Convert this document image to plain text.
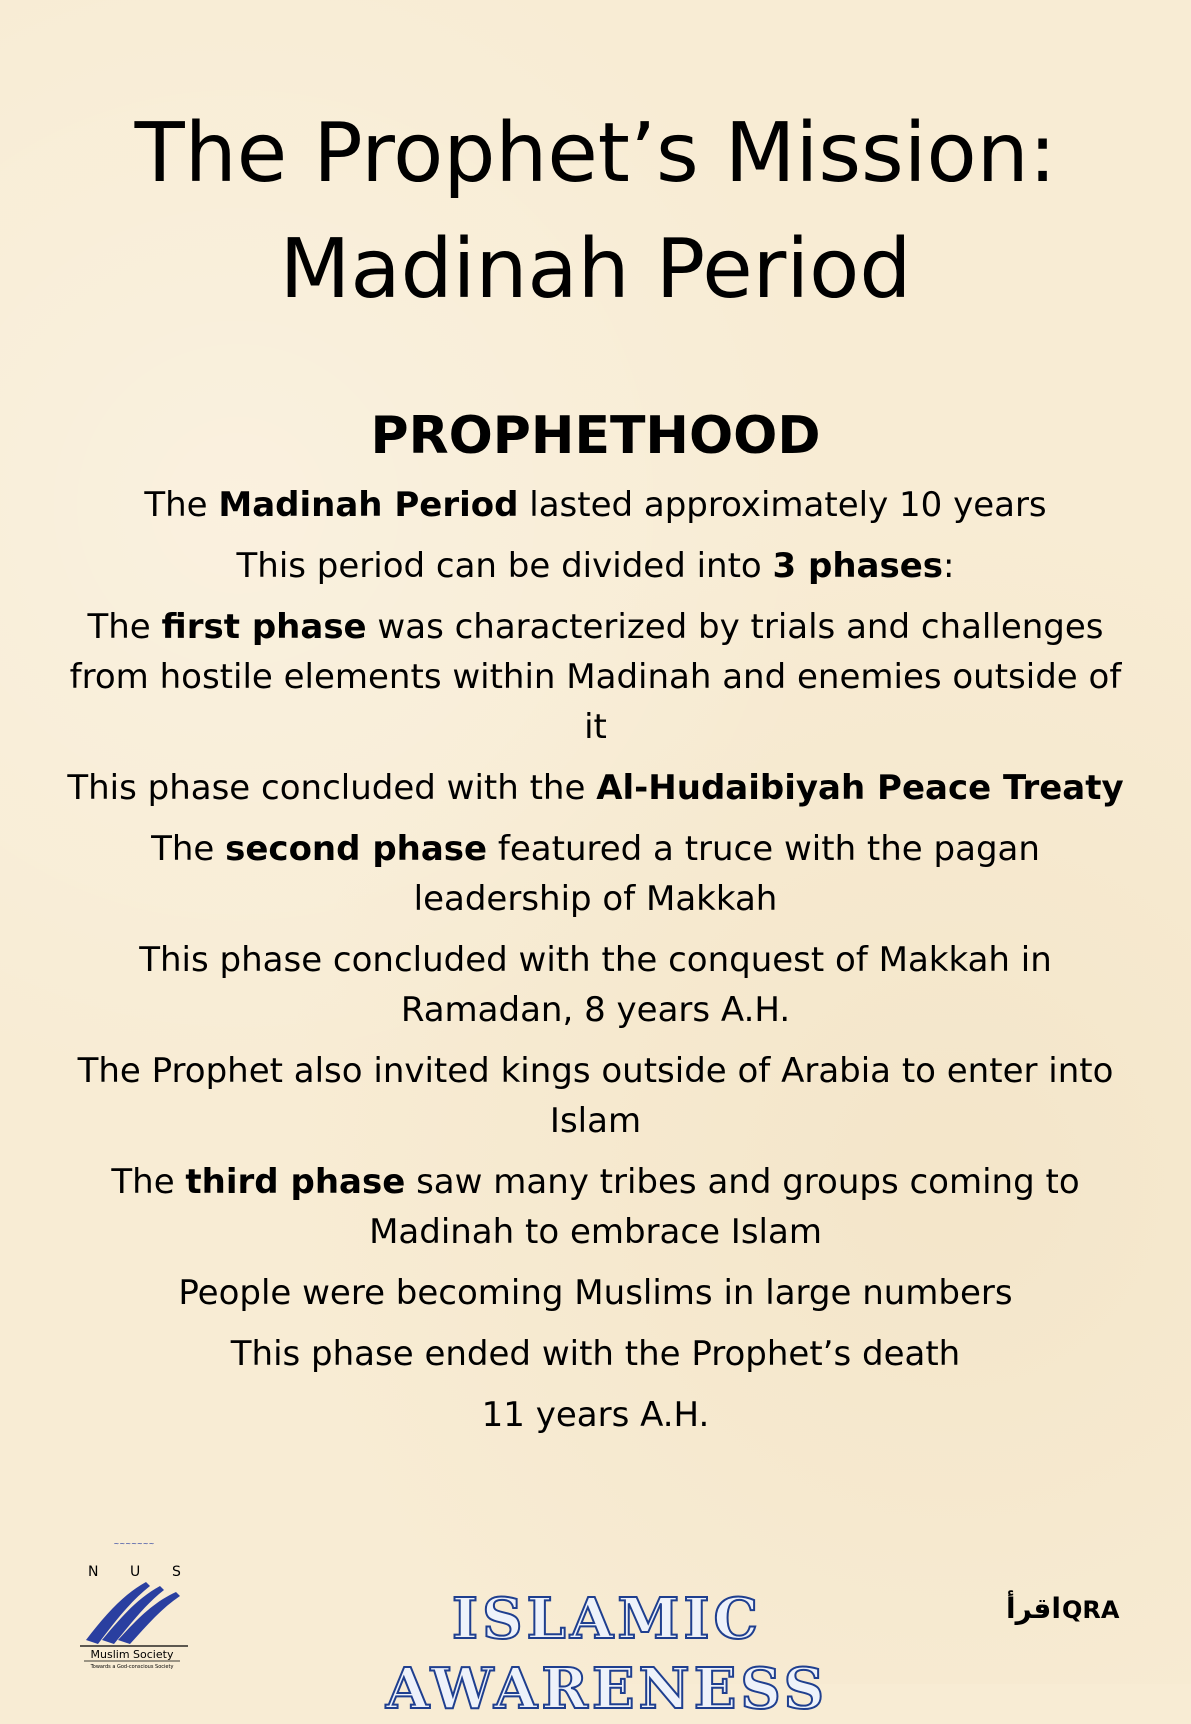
The Prophet’s Mission:
Madinah Period
PROPHETHOOD

The Madinah Period lasted approximately 10 years

This period can be divided into 3 phases:

The first phase was characterized by trials and challenges from hostile elements within Madinah and enemies outside of it

This phase concluded with the Al-Hudaibiyah Peace Treaty

The second phase featured a truce with the pagan leadership of Makkah

This phase concluded with the conquest of Makkah in Ramadan, 8 years A.H.

The Prophet also invited kings outside of Arabia to enter into Islam

The third phase saw many tribes and groups coming to Madinah to embrace Islam

People were becoming Muslims in large numbers

This phase ended with the Prophet’s death

11 years A.H.

~~~~~~~
N U S
Muslim Society
Towards a God-conscious Society
ISLAMIC AWARENESS
اقرأ QRA
